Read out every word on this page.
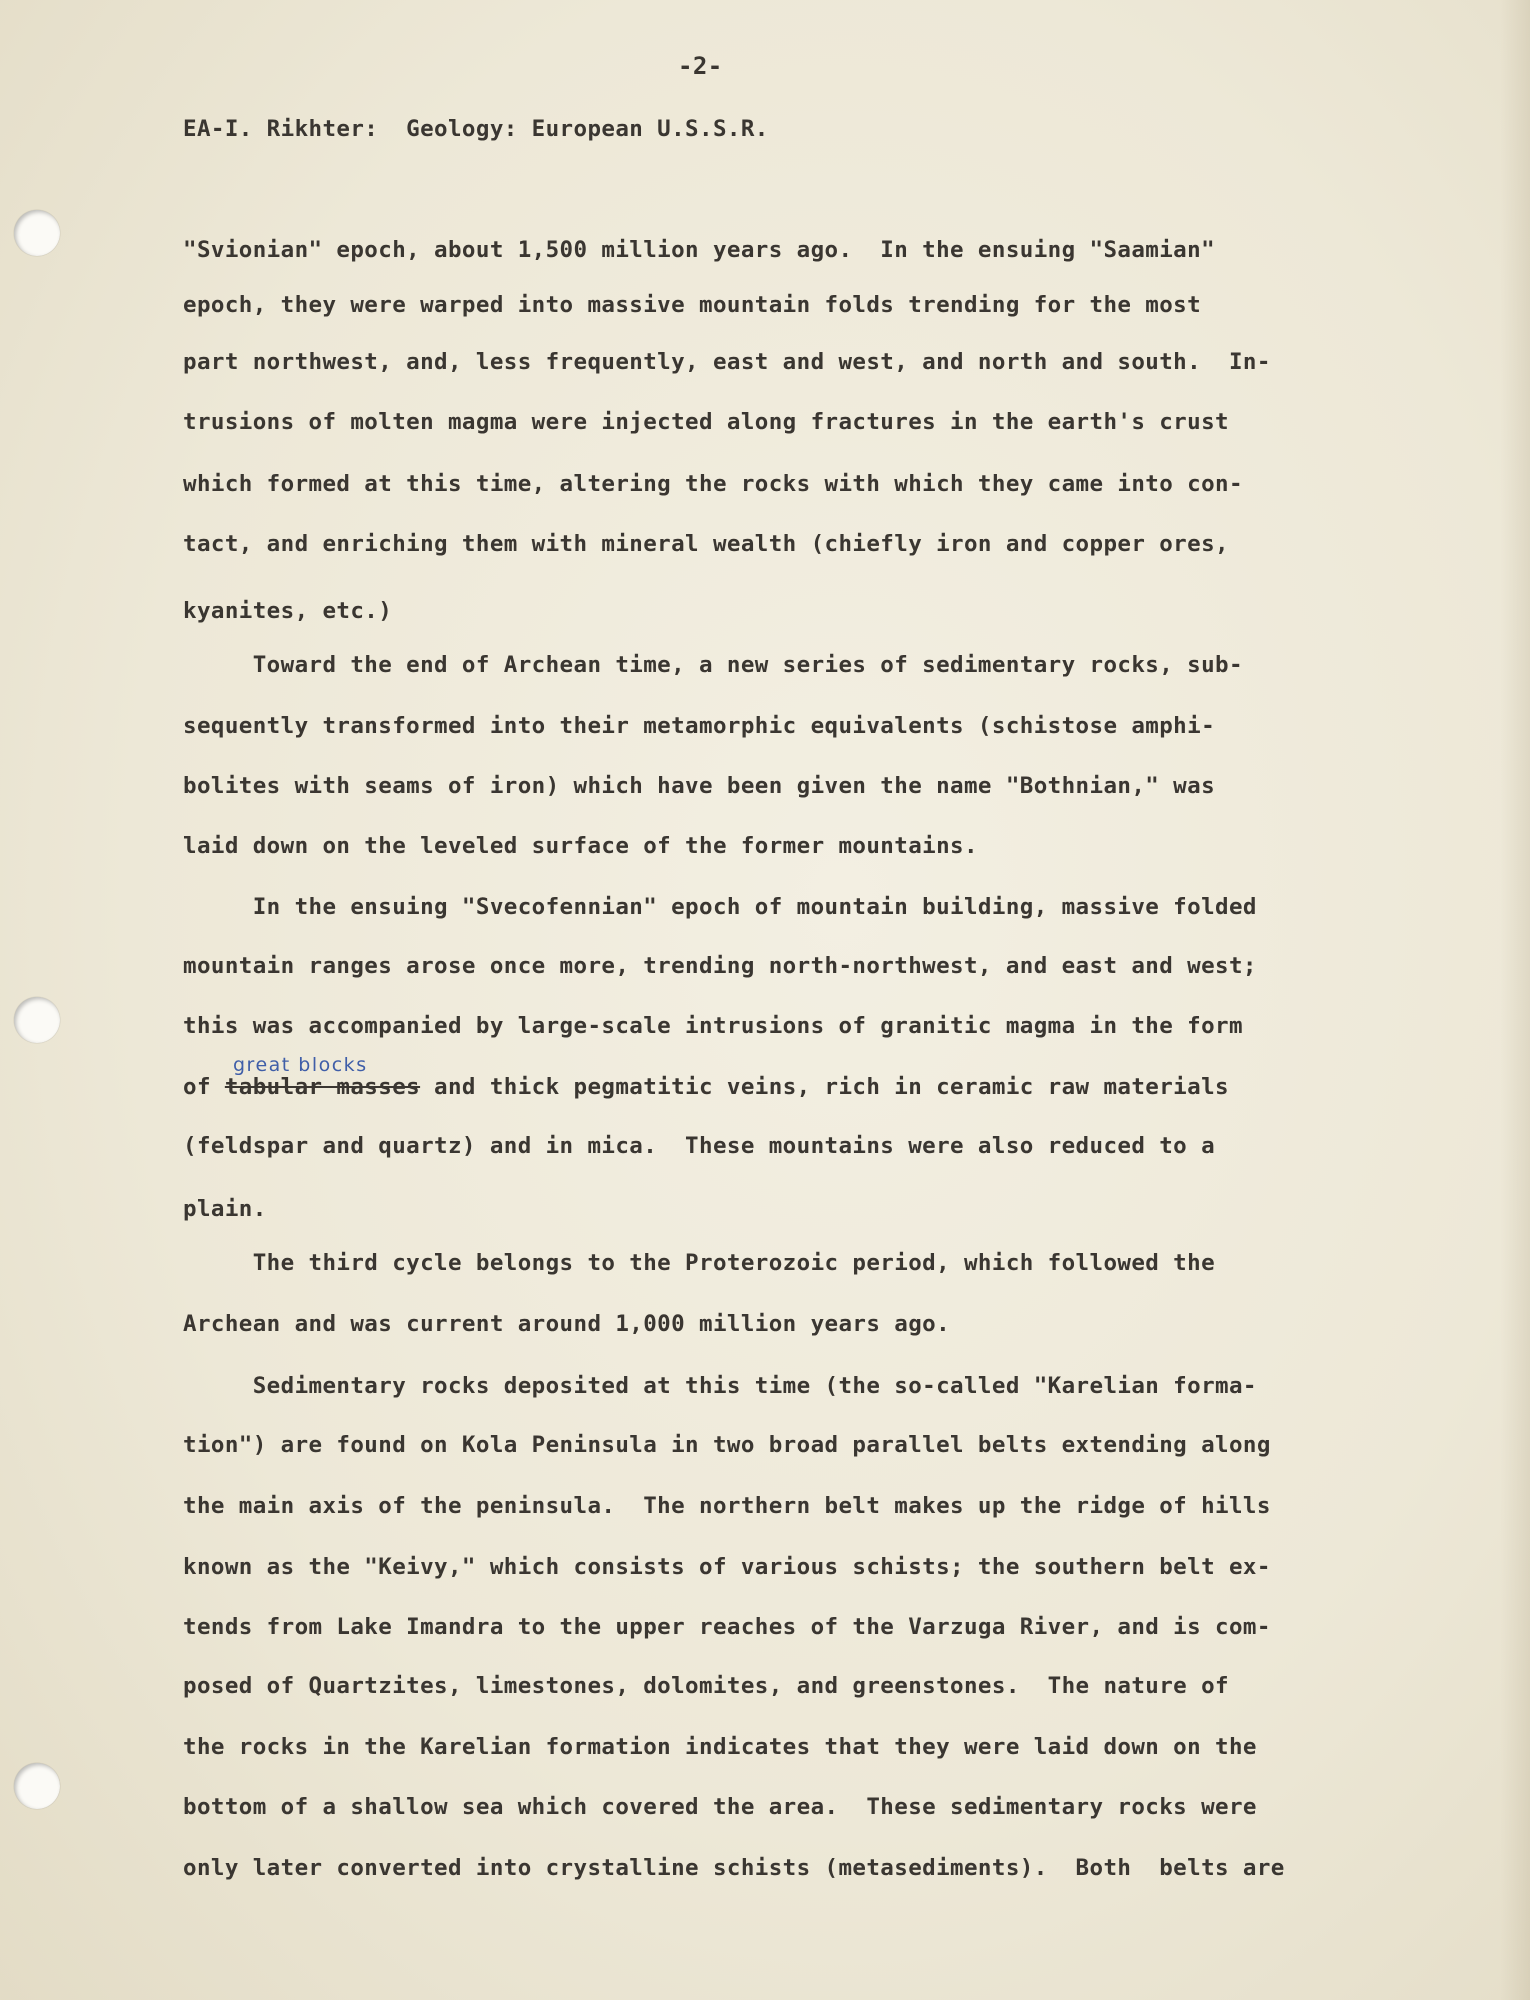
-2-
EA-I. Rikhter:  Geology: European U.S.S.R.
great blocks
"Svionian" epoch, about 1,500 million years ago.  In the ensuing "Saamian"
epoch, they were warped into massive mountain folds trending for the most
part northwest, and, less frequently, east and west, and north and south.  In-
trusions of molten magma were injected along fractures in the earth's crust
which formed at this time, altering the rocks with which they came into con-
tact, and enriching them with mineral wealth (chiefly iron and copper ores,
kyanites, etc.)
Toward the end of Archean time, a new series of sedimentary rocks, sub-
sequently transformed into their metamorphic equivalents (schistose amphi-
bolites with seams of iron) which have been given the name "Bothnian," was
laid down on the leveled surface of the former mountains.
In the ensuing "Svecofennian" epoch of mountain building, massive folded
mountain ranges arose once more, trending north-northwest, and east and west;
this was accompanied by large-scale intrusions of granitic magma in the form
of tabular masses and thick pegmatitic veins, rich in ceramic raw materials
(feldspar and quartz) and in mica.  These mountains were also reduced to a
plain.
The third cycle belongs to the Proterozoic period, which followed the
Archean and was current around 1,000 million years ago.
Sedimentary rocks deposited at this time (the so-called "Karelian forma-
tion") are found on Kola Peninsula in two broad parallel belts extending along
the main axis of the peninsula.  The northern belt makes up the ridge of hills
known as the "Keivy," which consists of various schists; the southern belt ex-
tends from Lake Imandra to the upper reaches of the Varzuga River, and is com-
posed of Quartzites, limestones, dolomites, and greenstones.  The nature of
the rocks in the Karelian formation indicates that they were laid down on the
bottom of a shallow sea which covered the area.  These sedimentary rocks were
only later converted into crystalline schists (metasediments).  Both  belts are
